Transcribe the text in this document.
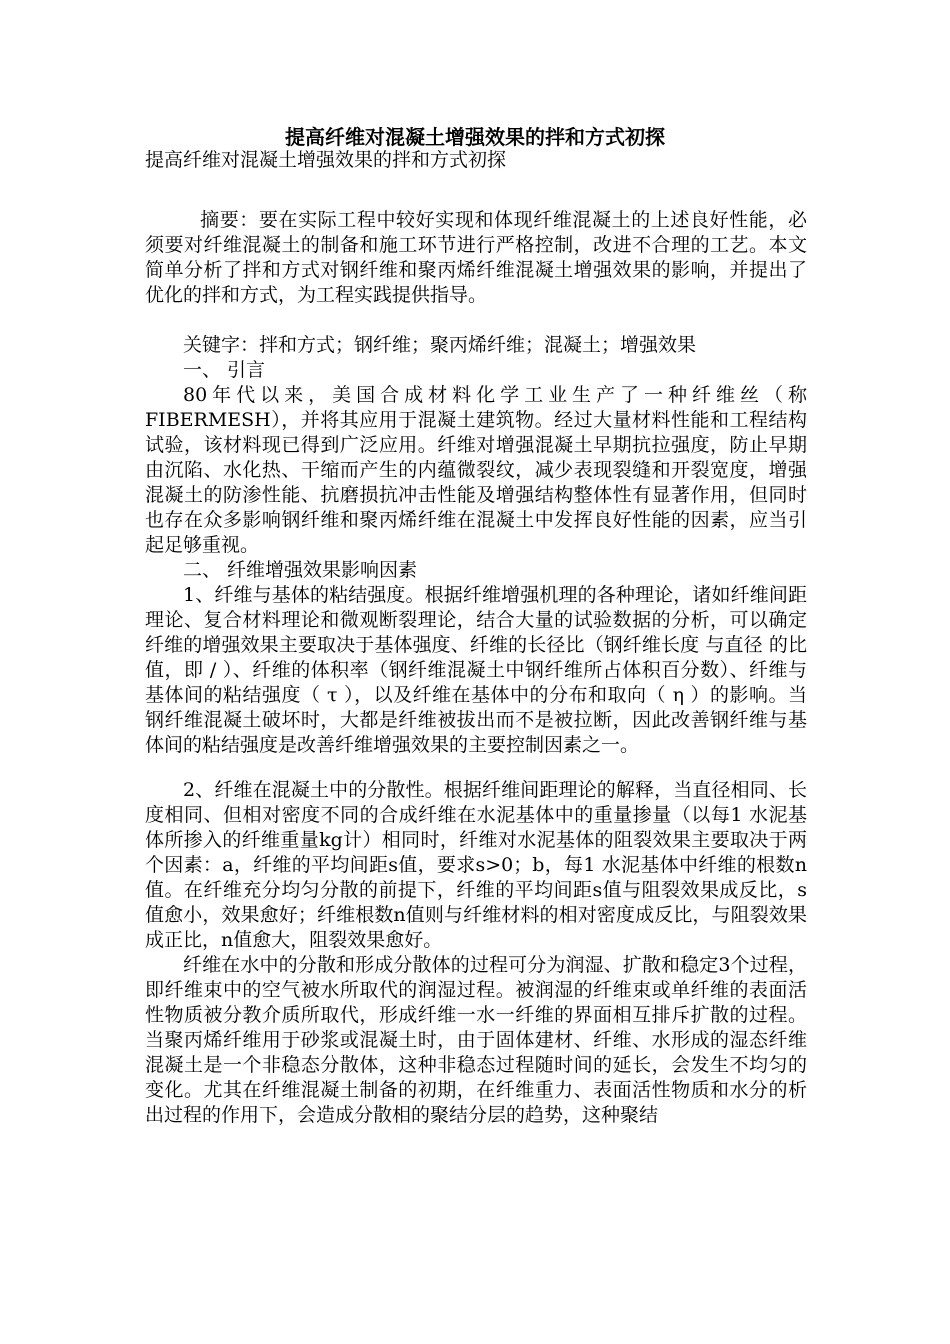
提高纤维对混凝土增强效果的拌和方式初探

提高纤维对混凝土增强效果的拌和方式初探

摘要：要在实际工程中较好实现和体现纤维混凝土的上述良好性能，必须要对纤维混凝土的制备和施工环节进行严格控制，改进不合理的工艺。本文简单分析了拌和方式对钢纤维和聚丙烯纤维混凝土增强效果的影响，并提出了优化的拌和方式，为工程实践提供指导。

关键字：拌和方式；钢纤维；聚丙烯纤维；混凝土；增强效果

一、 引言

80年代以来，美国合成材料化学工业生产了一种纤维丝（称FIBERMESH），并将其应用于混凝土建筑物。经过大量材料性能和工程结构试验，该材料现已得到广泛应用。纤维对增强混凝土早期抗拉强度，防止早期由沉陷、水化热、干缩而产生的内蕴微裂纹，减少表现裂缝和开裂宽度，增强混凝土的防渗性能、抗磨损抗冲击性能及增强结构整体性有显著作用，但同时也存在众多影响钢纤维和聚丙烯纤维在混凝土中发挥良好性能的因素，应当引起足够重视。

二、 纤维增强效果影响因素

1、纤维与基体的粘结强度。根据纤维增强机理的各种理论，诸如纤维间距理论、复合材料理论和微观断裂理论，结合大量的试验数据的分析，可以确定纤维的增强效果主要取决于基体强度、纤维的长径比（钢纤维长度 与直径 的比值，即 / ）、纤维的体积率（钢纤维混凝土中钢纤维所占体积百分数）、纤维与基体间的粘结强度（ τ ），以及纤维在基体中的分布和取向（ η ）的影响。当钢纤维混凝土破坏时，大都是纤维被拔出而不是被拉断，因此改善钢纤维与基体间的粘结强度是改善纤维增强效果的主要控制因素之一。

2、纤维在混凝土中的分散性。根据纤维间距理论的解释，当直径相同、长度相同、但相对密度不同的合成纤维在水泥基体中的重量掺量（以每1 水泥基体所掺入的纤维重量kg计）相同时，纤维对水泥基体的阻裂效果主要取决于两个因素：a，纤维的平均间距s值，要求s>0；b，每1 水泥基体中纤维的根数n值。在纤维充分均匀分散的前提下，纤维的平均间距s值与阻裂效果成反比，s值愈小，效果愈好；纤维根数n值则与纤维材料的相对密度成反比，与阻裂效果成正比，n值愈大，阻裂效果愈好。

纤维在水中的分散和形成分散体的过程可分为润湿、扩散和稳定3个过程，即纤维束中的空气被水所取代的润湿过程。被润湿的纤维束或单纤维的表面活性物质被分教介质所取代，形成纤维一水一纤维的界面相互排斥扩散的过程。当聚丙烯纤维用于砂浆或混凝土时，由于固体建材、纤维、水形成的湿态纤维混凝土是一个非稳态分散体，这种非稳态过程随时间的延长，会发生不均匀的变化。尤其在纤维混凝土制备的初期，在纤维重力、表面活性物质和水分的析出过程的作用下，会造成分散相的聚结分层的趋势，这种聚结
